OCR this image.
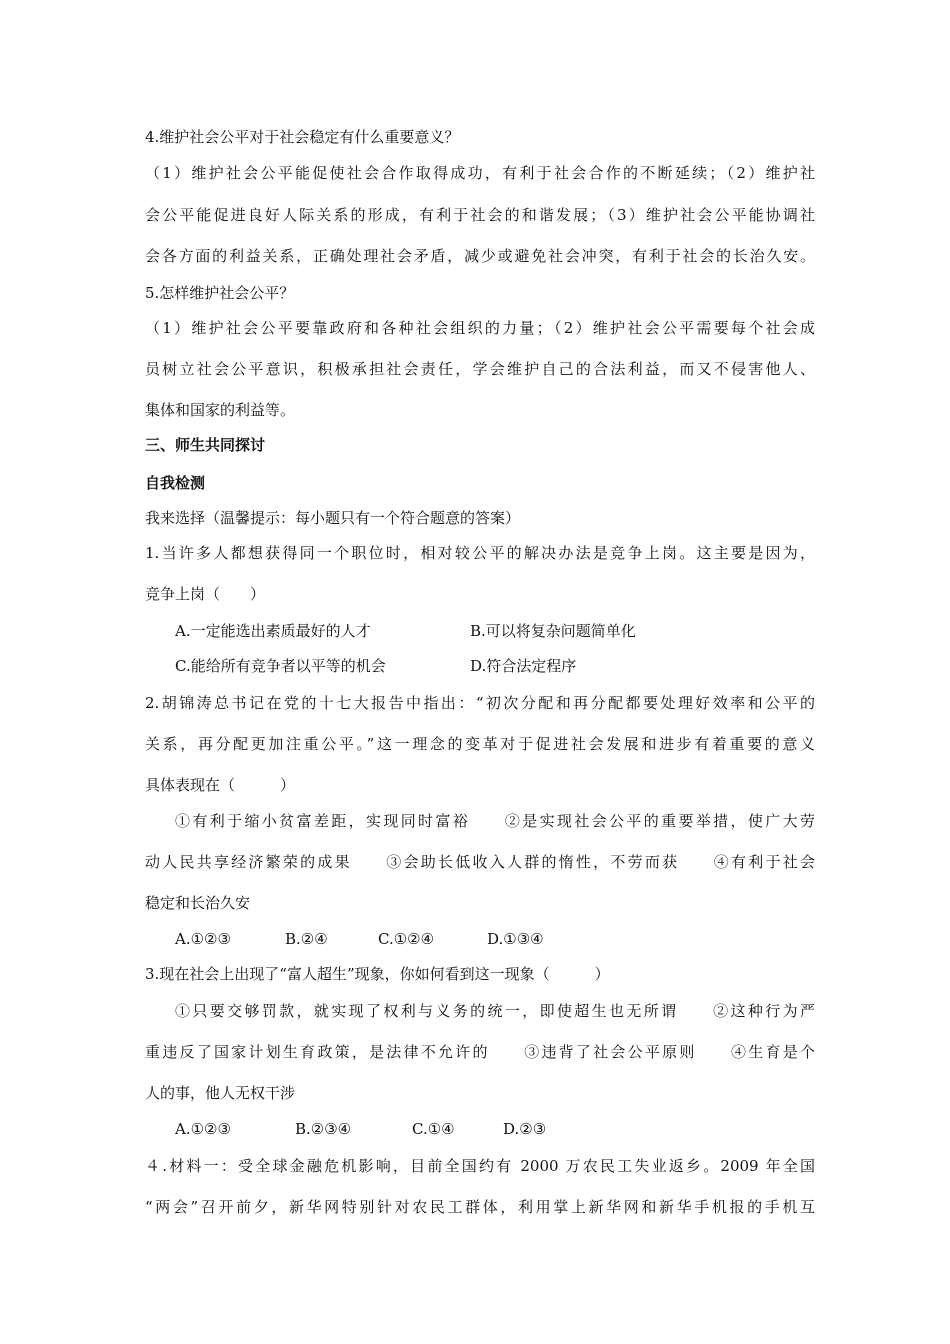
4.维护社会公平对于社会稳定有什么重要意义？
（1）维护社会公平能促使社会合作取得成功，有利于社会合作的不断延续；（2）维护社
会公平能促进良好人际关系的形成，有利于社会的和谐发展；（3）维护社会公平能协调社
会各方面的利益关系，正确处理社会矛盾，减少或避免社会冲突，有利于社会的长治久安。
5.怎样维护社会公平？
（1）维护社会公平要靠政府和各种社会组织的力量；（2）维护社会公平需要每个社会成
员树立社会公平意识，积极承担社会责任，学会维护自己的合法利益，而又不侵害他人、
集体和国家的利益等。
三、师生共同探讨
自我检测
我来选择（温馨提示：每小题只有一个符合题意的答案）
1.当许多人都想获得同一个职位时，相对较公平的解决办法是竞争上岗。这主要是因为，
竞争上岗（　　）
A.一定能选出素质最好的人才	B.可以将复杂问题简单化
C.能给所有竞争者以平等的机会	D.符合法定程序
2.胡锦涛总书记在党的十七大报告中指出：“初次分配和再分配都要处理好效率和公平的
关系，再分配更加注重公平。”这一理念的变革对于促进社会发展和进步有着重要的意义
具体表现在（　　　）
①有利于缩小贫富差距，实现同时富裕　　②是实现社会公平的重要举措，使广大劳
动人民共享经济繁荣的成果　　③会助长低收入人群的惰性，不劳而获　　④有利于社会
稳定和长治久安
A.①②③	B.②④	C.①②④	D.①③④
3.现在社会上出现了“富人超生”现象，你如何看到这一现象（　　　）
①只要交够罚款，就实现了权利与义务的统一，即使超生也无所谓　　②这种行为严
重违反了国家计划生育政策，是法律不允许的　　③违背了社会公平原则　　④生育是个
人的事，他人无权干涉
A.①②③	B.②③④	C.①④	D.②③
４.材料一：受全球金融危机影响，目前全国约有 2000 万农民工失业返乡。2009 年全国
“两会”召开前夕，新华网特别针对农民工群体，利用掌上新华网和新华手机报的手机互
